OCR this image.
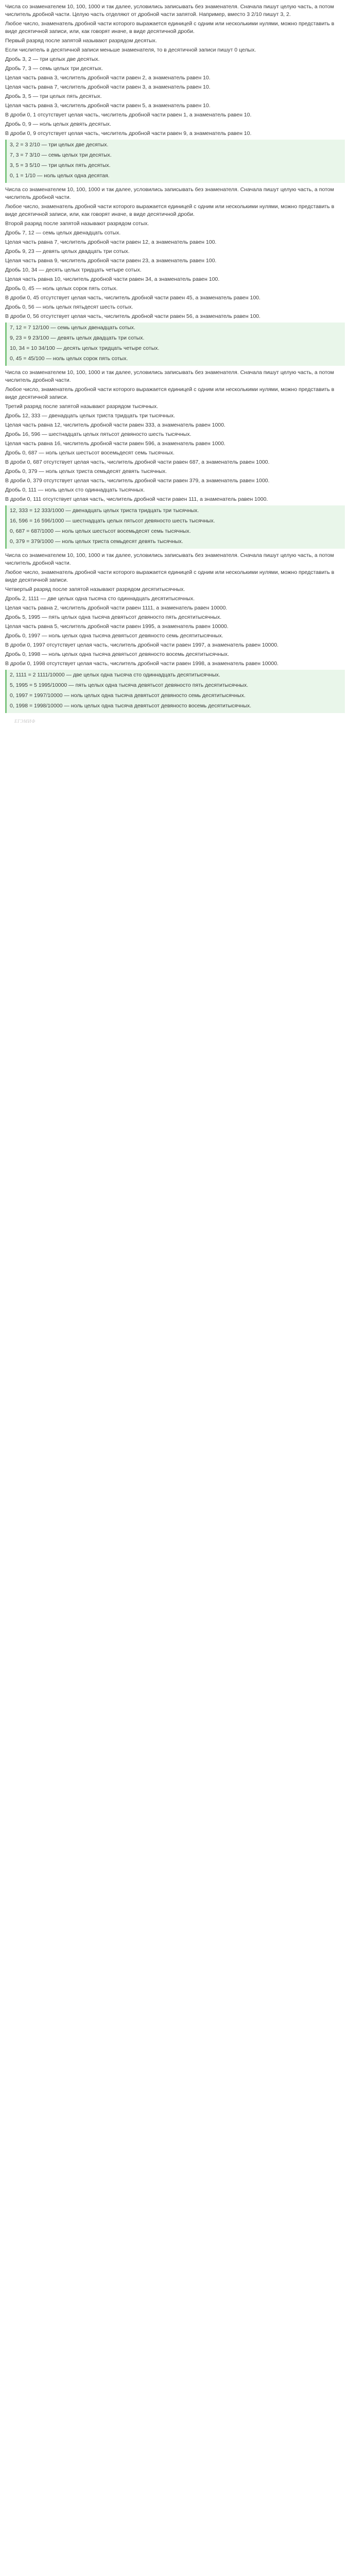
Числа со знаменателем 10, 100, 1000 и так далее, условились записывать без знаменателя. Сначала пишут целую часть, а потом числитель дробной части. Целую часть отделяют от дробной части запятой. Например, вместо 3 2/10 пишут 3, 2.

Любое число, знаменатель дробной части которого выражается единицей с одним или несколькими нулями, можно представить в виде десятичной записи, или, как говорят иначе, в виде десятичной дроби.

Первый разряд после запятой называют разрядом десятых.

Если числитель в десятичной записи меньше знаменателя, то в десятичной записи пишут 0 целых.

Дробь 3, 2 — три целых две десятых.

Дробь 7, 3 — семь целых три десятых.

Целая часть равна 3, числитель дробной части равен 2, а знаменатель равен 10.

Целая часть равна 7, числитель дробной части равен 3, а знаменатель равен 10.

Дробь 3, 5 — три целых пять десятых.

Целая часть равна 3, числитель дробной части равен 5, а знаменатель равен 10.

В дроби 0, 1 отсутствует целая часть, числитель дробной части равен 1, а знаменатель равен 10.

Дробь 0, 9 — ноль целых девять десятых.

В дроби 0, 9 отсутствует целая часть, числитель дробной части равен 9, а знаменатель равен 10.

3, 2 = 3 2/10 — три целых две десятых.

7, 3 = 7 3/10 — семь целых три десятых.

3, 5 = 3 5/10 — три целых пять десятых.

0, 1 = 1/10 — ноль целых одна десятая.

Числа со знаменателем 10, 100, 1000 и так далее, условились записывать без знаменателя. Сначала пишут целую часть, а потом числитель дробной части.

Любое число, знаменатель дробной части которого выражается единицей с одним или несколькими нулями, можно представить в виде десятичной записи, или, как говорят иначе, в виде десятичной дроби.

Второй разряд после запятой называют разрядом сотых.

Дробь 7, 12 — семь целых двенадцать сотых.

Целая часть равна 7, числитель дробной части равен 12, а знаменатель равен 100.

Дробь 9, 23 — девять целых двадцать три сотых.

Целая часть равна 9, числитель дробной части равен 23, а знаменатель равен 100.

Дробь 10, 34 — десять целых тридцать четыре сотых.

Целая часть равна 10, числитель дробной части равен 34, а знаменатель равен 100.

Дробь 0, 45 — ноль целых сорок пять сотых.

В дроби 0, 45 отсутствует целая часть, числитель дробной части равен 45, а знаменатель равен 100.

Дробь 0, 56 — ноль целых пятьдесят шесть сотых.

В дроби 0, 56 отсутствует целая часть, числитель дробной части равен 56, а знаменатель равен 100.

7, 12 = 7 12/100 — семь целых двенадцать сотых.

9, 23 = 9 23/100 — девять целых двадцать три сотых.

10, 34 = 10 34/100 — десять целых тридцать четыре сотых.

0, 45 = 45/100 — ноль целых сорок пять сотых.

Числа со знаменателем 10, 100, 1000 и так далее, условились записывать без знаменателя. Сначала пишут целую часть, а потом числитель дробной части.

Любое число, знаменатель дробной части которого выражается единицей с одним или несколькими нулями, можно представить в виде десятичной записи.

Третий разряд после запятой называют разрядом тысячных.

Дробь 12, 333 — двенадцать целых триста тридцать три тысячных.

Целая часть равна 12, числитель дробной части равен 333, а знаменатель равен 1000.

Дробь 16, 596 — шестнадцать целых пятьсот девяносто шесть тысячных.

Целая часть равна 16, числитель дробной части равен 596, а знаменатель равен 1000.

Дробь 0, 687 — ноль целых шестьсот восемьдесят семь тысячных.

В дроби 0, 687 отсутствует целая часть, числитель дробной части равен 687, а знаменатель равен 1000.

Дробь 0, 379 — ноль целых триста семьдесят девять тысячных.

В дроби 0, 379 отсутствует целая часть, числитель дробной части равен 379, а знаменатель равен 1000.

Дробь 0, 111 — ноль целых сто одиннадцать тысячных.

В дроби 0, 111 отсутствует целая часть, числитель дробной части равен 111, а знаменатель равен 1000.

12, 333 = 12 333/1000 — двенадцать целых триста тридцать три тысячных.

16, 596 = 16 596/1000 — шестнадцать целых пятьсот девяносто шесть тысячных.

0, 687 = 687/1000 — ноль целых шестьсот восемьдесят семь тысячных.

0, 379 = 379/1000 — ноль целых триста семьдесят девять тысячных.

Числа со знаменателем 10, 100, 1000 и так далее, условились записывать без знаменателя. Сначала пишут целую часть, а потом числитель дробной части.

Любое число, знаменатель дробной части которого выражается единицей с одним или несколькими нулями, можно представить в виде десятичной записи.

Четвертый разряд после запятой называют разрядом десятитысячных.

Дробь 2, 1111 — две целых одна тысяча сто одиннадцать десятитысячных.

Целая часть равна 2, числитель дробной части равен 1111, а знаменатель равен 10000.

Дробь 5, 1995 — пять целых одна тысяча девятьсот девяносто пять десятитысячных.

Целая часть равна 5, числитель дробной части равен 1995, а знаменатель равен 10000.

Дробь 0, 1997 — ноль целых одна тысяча девятьсот девяносто семь десятитысячных.

В дроби 0, 1997 отсутствует целая часть, числитель дробной части равен 1997, а знаменатель равен 10000.

Дробь 0, 1998 — ноль целых одна тысяча девятьсот девяносто восемь десятитысячных.

В дроби 0, 1998 отсутствует целая часть, числитель дробной части равен 1998, а знаменатель равен 10000.

2, 1111 = 2 1111/10000 — две целых одна тысяча сто одиннадцать десятитысячных.

5, 1995 = 5 1995/10000 — пять целых одна тысяча девятьсот девяносто пять десятитысячных.

0, 1997 = 1997/10000 — ноль целых одна тысяча девятьсот девяносто семь десятитысячных.

0, 1998 = 1998/10000 — ноль целых одна тысяча девятьсот девяносто восемь десятитысячных.

ЕГЭМИФ
